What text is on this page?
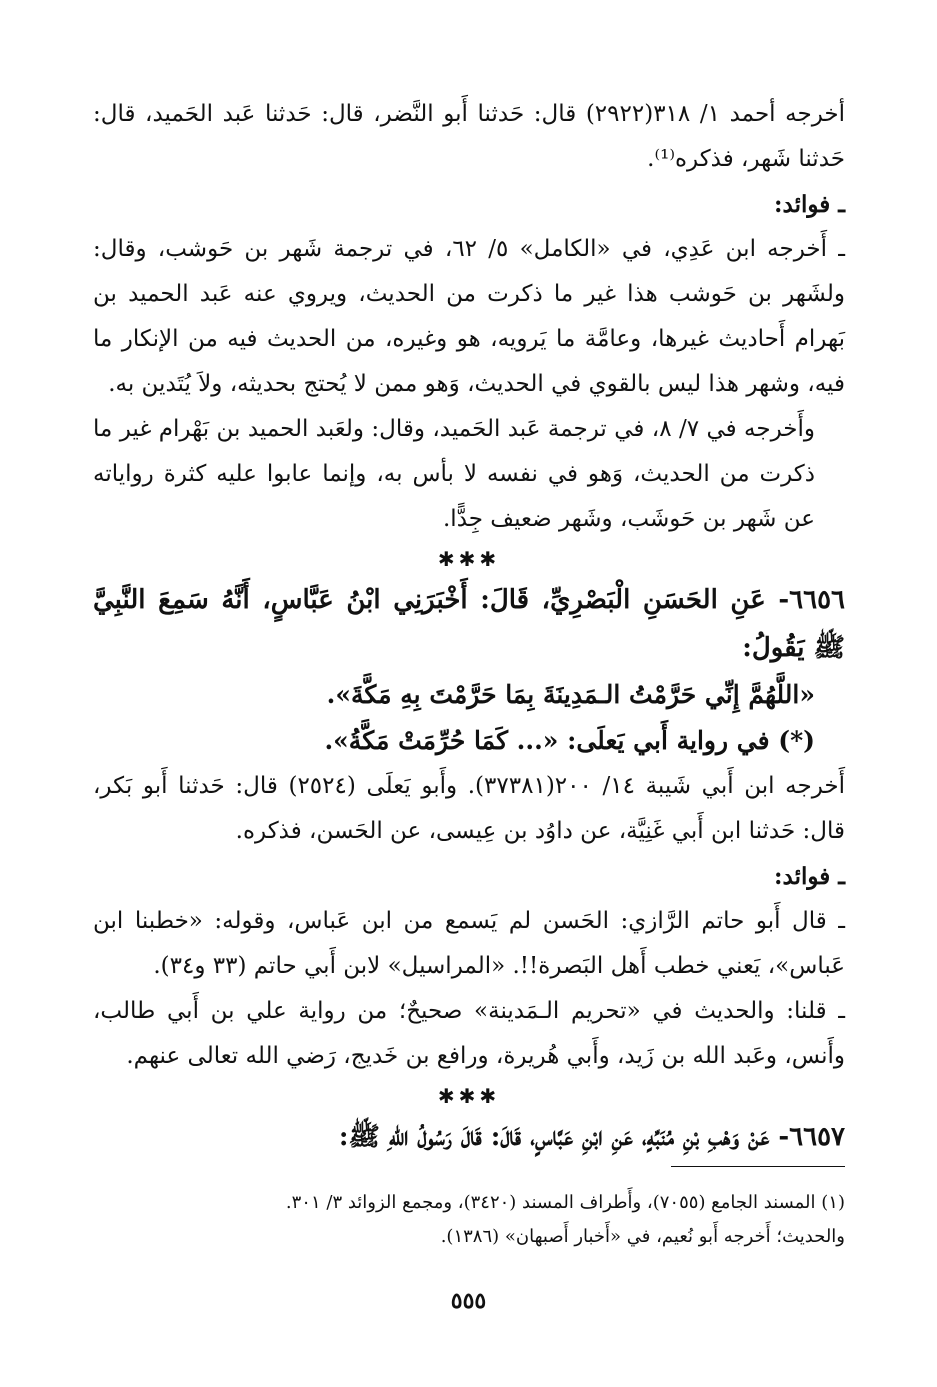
أخرجه أحمد ١/ ٣١٨(٢٩٢٢) قال: حَدثنا أَبو النَّضر، قال: حَدثنا عَبد الحَميد، قال: حَدثنا شَهر، فذكره⁽¹⁾.

ـ فوائد:

ـ أَخرجه ابن عَدِي، في «الكامل» ٥/ ٦٢، في ترجمة شَهر بن حَوشب، وقال: ولشَهر بن حَوشب هذا غير ما ذكرت من الحديث، ويروي عنه عَبد الحميد بن بَهرام أَحاديث غيرها، وعامَّة ما يَرويه، هو وغيره، من الحديث فيه من الإنكار ما فيه، وشهر هذا ليس بالقوي في الحديث، وَهو ممن لا يُحتج بحديثه، ولاَ يُتَدين به.

وأَخرجه في ٧/ ٨، في ترجمة عَبد الحَميد، وقال: ولعَبد الحميد بن بَهْرام غير ما ذكرت من الحديث، وَهو في نفسه لا بأس به، وإنما عابوا عليه كثرة رواياته عن شَهر بن حَوشَب، وشَهر ضعيف جِدًّا.

✱✱✱

٦٦٥٦- عَنِ الحَسَنِ الْبَصْرِيِّ، قَالَ: أَخْبَرَنِي ابْنُ عَبَّاسٍ، أَنَّهُ سَمِعَ النَّبِيَّ ﷺ يَقُولُ:

«اللَّهُمَّ إِنِّي حَرَّمْتُ الـمَدِينَةَ بِمَا حَرَّمْتَ بِهِ مَكَّةَ».

(*) في رواية أَبي يَعلَى: «... كَمَا حُرِّمَتْ مَكَّةُ».

أَخرجه ابن أَبي شَيبة ١٤/ ٢٠٠(٣٧٣٨١). وأَبو يَعلَى (٢٥٢٤) قال: حَدثنا أَبو بَكر، قال: حَدثنا ابن أَبي غَنِيَّة، عن داوُد بن عِيسى، عن الحَسن، فذكره.

ـ فوائد:

ـ قال أَبو حاتم الرَّازي: الحَسن لم يَسمع من ابن عَباس، وقوله: «خطبنا ابن عَباس»، يَعني خطب أَهل البَصرة!!. «المراسيل» لابن أَبي حاتم (٣٣ و٣٤).

ـ قلنا: والحديث في «تحريم الـمَدينة» صحيحٌ؛ من رواية علي بن أَبي طالب، وأَنس، وعَبد الله بن زَيد، وأَبي هُريرة، ورافع بن خَديج، رَضي الله تعالى عنهم.

✱✱✱

٦٦٥٧- عَنْ وَهْبِ بْنِ مُنَبِّهٍ، عَنِ ابْنِ عَبَّاسٍ، قَالَ: قَالَ رَسُولُ اللهِ ﷺ:

(١) المسند الجامع (٧٠٥٥)، وأَطراف المسند (٣٤٢٠)، ومجمع الزوائد ٣/ ٣٠١.

والحديث؛ أَخرجه أَبو نُعيم، في «أَخبار أَصبهان» (١٣٨٦).

٥٥٥
